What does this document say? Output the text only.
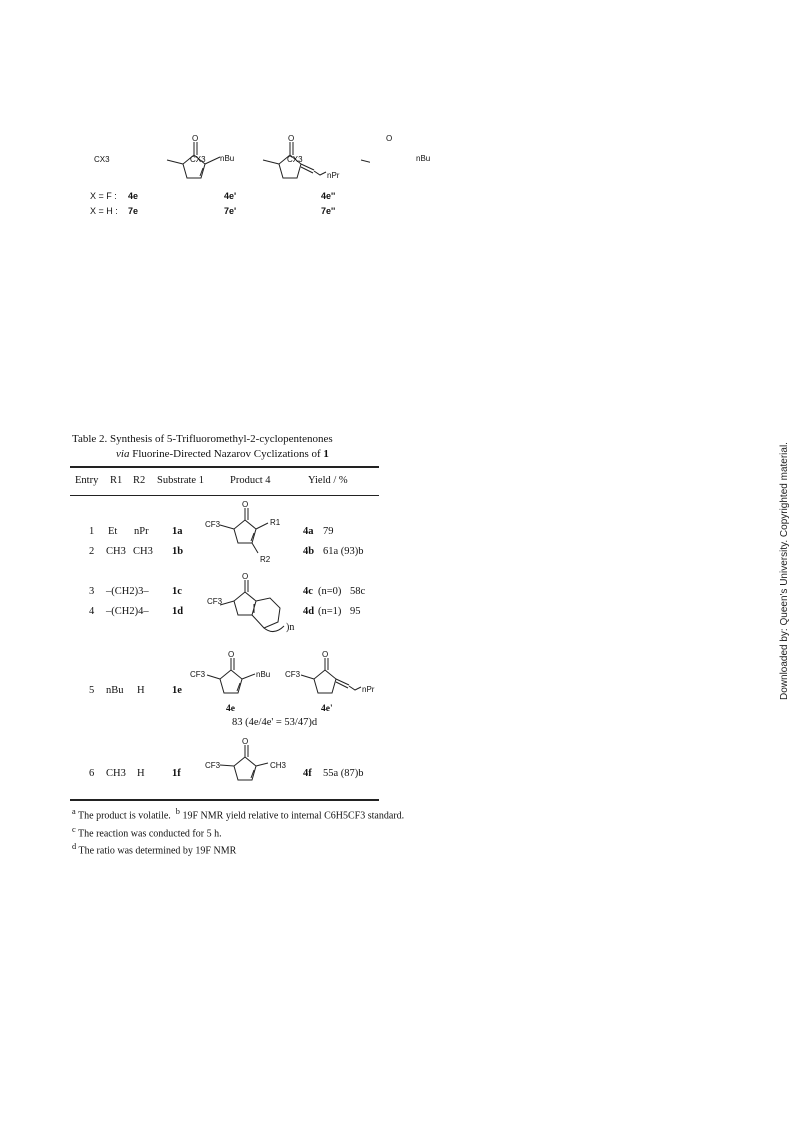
O
CX3	nBu
O
CX3
nPr
O
CX3	nBu
X = F :
X = H :
4e
7e
4e'
7e'
4e''
7e''
Table 2. Synthesis of 5-Trifluoromethyl-2-cyclopentenones
via Fluorine-Directed Nazarov Cyclizations of 1
Entry R1 R2 Substrate 1 Product 4	Yield / %
1 Et nPr 1a	4a 79
2 CH3 CH3 1b	4b 61a (93)b
O
CF3	R1
R2
3 –(CH2)3– 1c	4c (n=0) 58c
4 –(CH2)4– 1d	4d (n=1) 95
O
CF3
)n
5 nBu H	1e
O
CF3	nBu
O
CF3
nPr
4e	4e'
83 (4e/4e' = 53/47)d
6 CH3 H	1f	4f 55a (87)b
O
CF3	CH3
$^a$ The product is volatile. $^b$ 19F NMR yield relative to internal C6H5CF3 standard.
$^c$ The reaction was conducted for 5 h.
$^d$ The ratio was determined by 19F NMR
Downloaded by: Queen's University. Copyrighted material.
